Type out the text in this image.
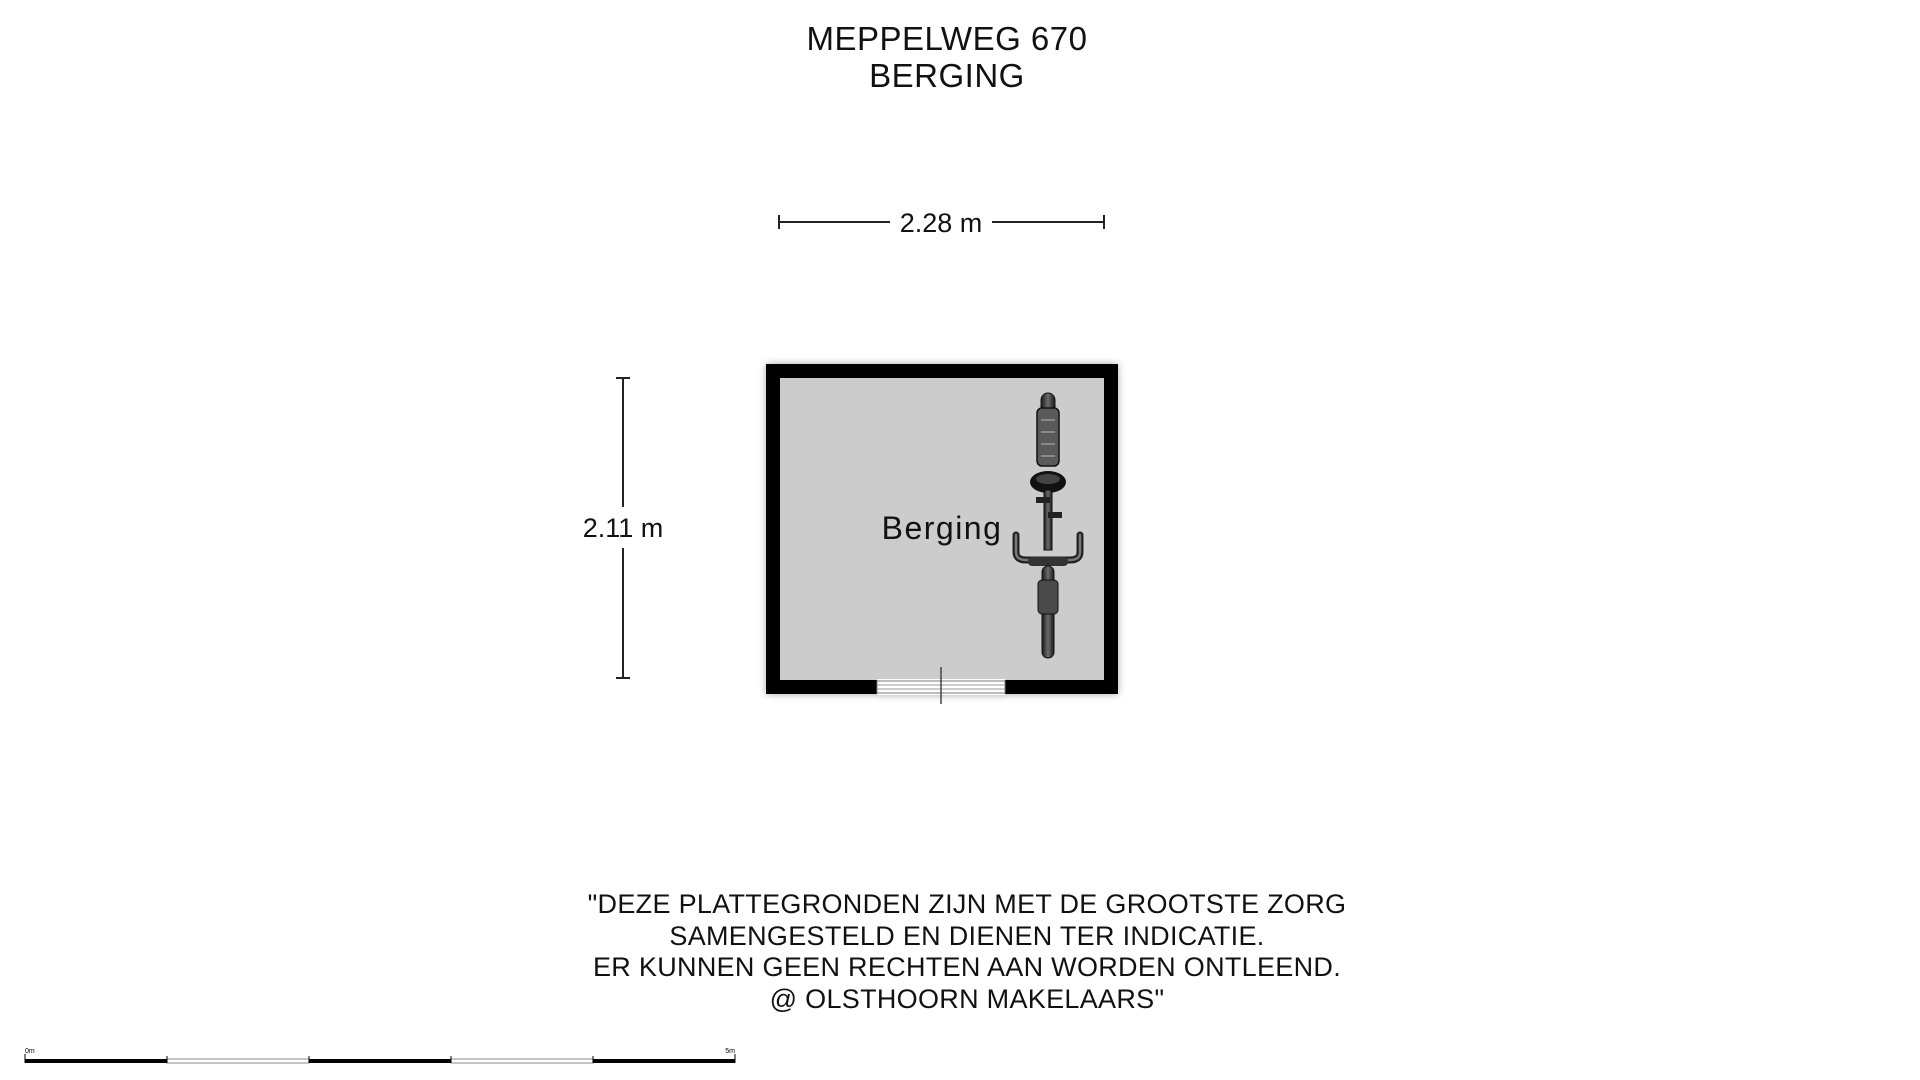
MEPPELWEG 670
BERGING
2.28 m
2.11 m	Berging
"DEZE PLATTEGRONDEN ZIJN MET DE GROOTSTE ZORG
SAMENGESTELD EN DIENEN TER INDICATIE.
ER KUNNEN GEEN RECHTEN AAN WORDEN ONTLEEND.
@ OLSTHOORN MAKELAARS"
0m	5m
